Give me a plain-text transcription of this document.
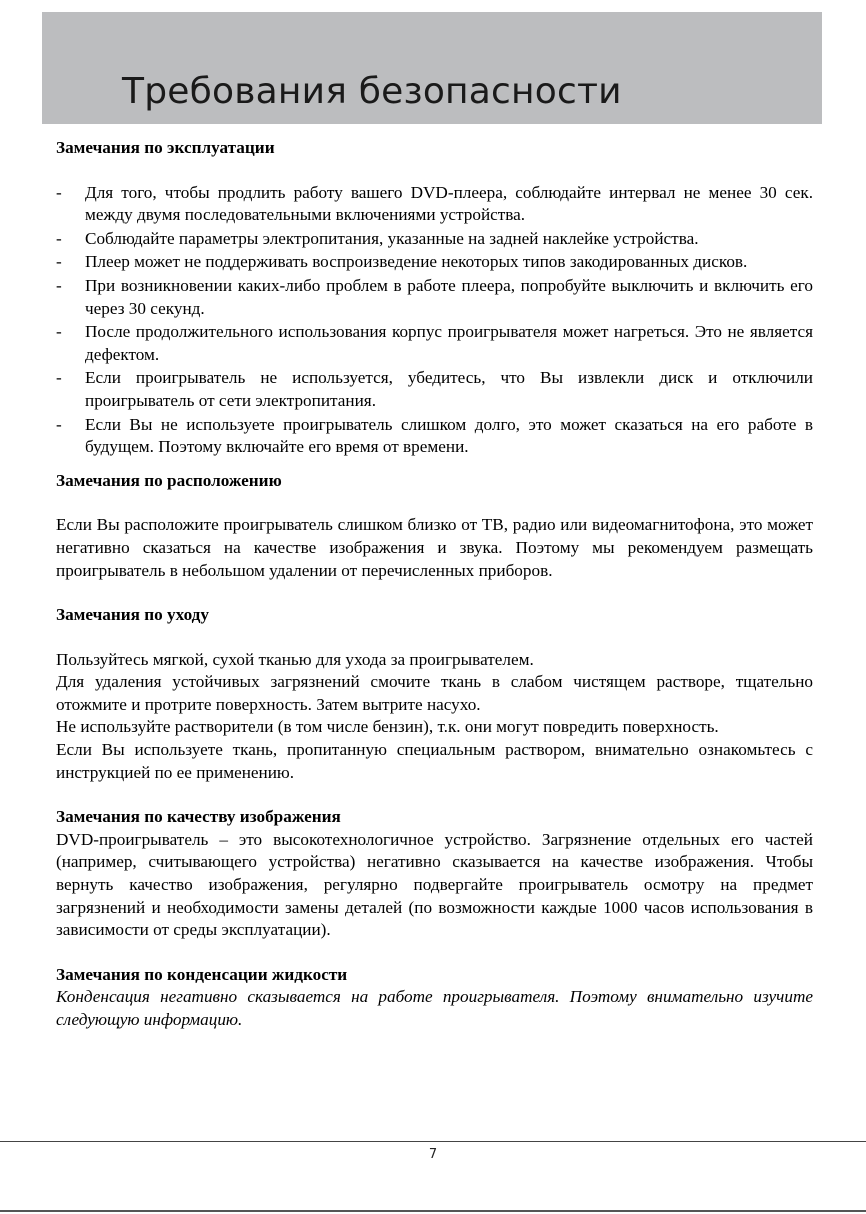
Требования безопасности

Замечания по эксплуатации

- Для того, чтобы продлить работу вашего DVD-плеера, соблюдайте интервал не менее 30 сек. между двумя последовательными включениями устройства.
- Соблюдайте параметры электропитания, указанные на задней наклейке устройства.
- Плеер может не поддерживать воспроизведение некоторых типов закодированных дисков.
- При возникновении каких-либо проблем в работе плеера, попробуйте выключить и включить его через 30 секунд.
- После продолжительного использования корпус проигрывателя может нагреться. Это не является дефектом.
- Если проигрыватель не используется, убедитесь, что Вы извлекли диск и отключили проигрыватель от сети электропитания.
- Если Вы не используете проигрыватель слишком долго, это может сказаться на его работе в будущем. Поэтому включайте его время от времени.

Замечания по расположению

Если Вы расположите проигрыватель слишком близко от ТВ, радио или видеомагнитофона, это может негативно сказаться на качестве изображения и звука. Поэтому мы рекомендуем размещать проигрыватель в небольшом удалении от перечисленных приборов.

Замечания по уходу

Пользуйтесь мягкой, сухой тканью для ухода за проигрывателем.

Для удаления устойчивых загрязнений смочите ткань в слабом чистящем растворе, тщательно отожмите и протрите поверхность. Затем вытрите насухо.

Не используйте растворители (в том числе бензин), т.к. они могут повредить поверхность.

Если Вы используете ткань, пропитанную специальным раствором, внимательно ознакомьтесь с инструкцией по ее применению.

Замечания по качеству изображения

DVD-проигрыватель – это высокотехнологичное устройство. Загрязнение отдельных его частей (например, считывающего устройства) негативно сказывается на качестве изображения. Чтобы вернуть качество изображения, регулярно подвергайте проигрыватель осмотру на предмет загрязнений и необходимости замены деталей (по возможности каждые 1000 часов использования в зависимости от среды эксплуатации).

Замечания по конденсации жидкости

Конденсация негативно сказывается на работе проигрывателя. Поэтому внимательно изучите следующую информацию.

7
